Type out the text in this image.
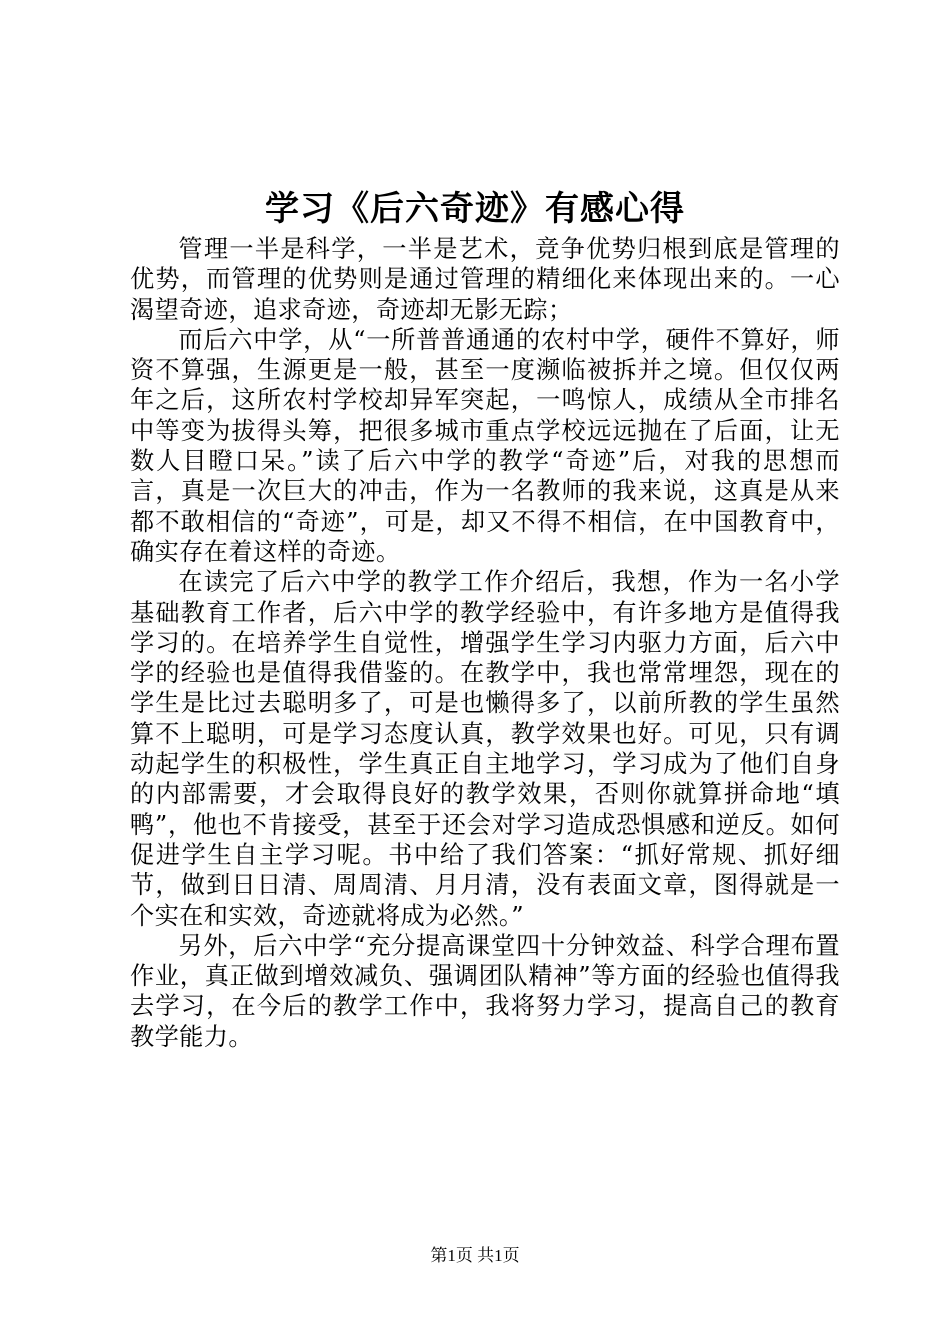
学习《后六奇迹》有感心得

管理一半是科学，一半是艺术，竞争优势归根到底是管理的优势，而管理的优势则是通过管理的精细化来体现出来的。一心渴望奇迹，追求奇迹，奇迹却无影无踪；

而后六中学，从“一所普普通通的农村中学，硬件不算好，师资不算强，生源更是一般，甚至一度濒临被拆并之境。但仅仅两年之后，这所农村学校却异军突起，一鸣惊人，成绩从全市排名中等变为拔得头筹，把很多城市重点学校远远抛在了后面，让无数人目瞪口呆。”读了后六中学的教学“奇迹”后，对我的思想而言，真是一次巨大的冲击，作为一名教师的我来说，这真是从来都不敢相信的“奇迹”，可是，却又不得不相信，在中国教育中，确实存在着这样的奇迹。

在读完了后六中学的教学工作介绍后，我想，作为一名小学基础教育工作者，后六中学的教学经验中，有许多地方是值得我学习的。在培养学生自觉性，增强学生学习内驱力方面，后六中学的经验也是值得我借鉴的。在教学中，我也常常埋怨，现在的学生是比过去聪明多了，可是也懒得多了，以前所教的学生虽然算不上聪明，可是学习态度认真，教学效果也好。可见，只有调动起学生的积极性，学生真正自主地学习，学习成为了他们自身的内部需要，才会取得良好的教学效果，否则你就算拼命地“填鸭”，他也不肯接受，甚至于还会对学习造成恐惧感和逆反。如何促进学生自主学习呢。书中给了我们答案：“抓好常规、抓好细节，做到日日清、周周清、月月清，没有表面文章，图得就是一个实在和实效，奇迹就将成为必然。”

另外，后六中学“充分提高课堂四十分钟效益、科学合理布置作业，真正做到增效减负、强调团队精神”等方面的经验也值得我去学习，在今后的教学工作中，我将努力学习，提高自己的教育教学能力。

第1页 共1页
